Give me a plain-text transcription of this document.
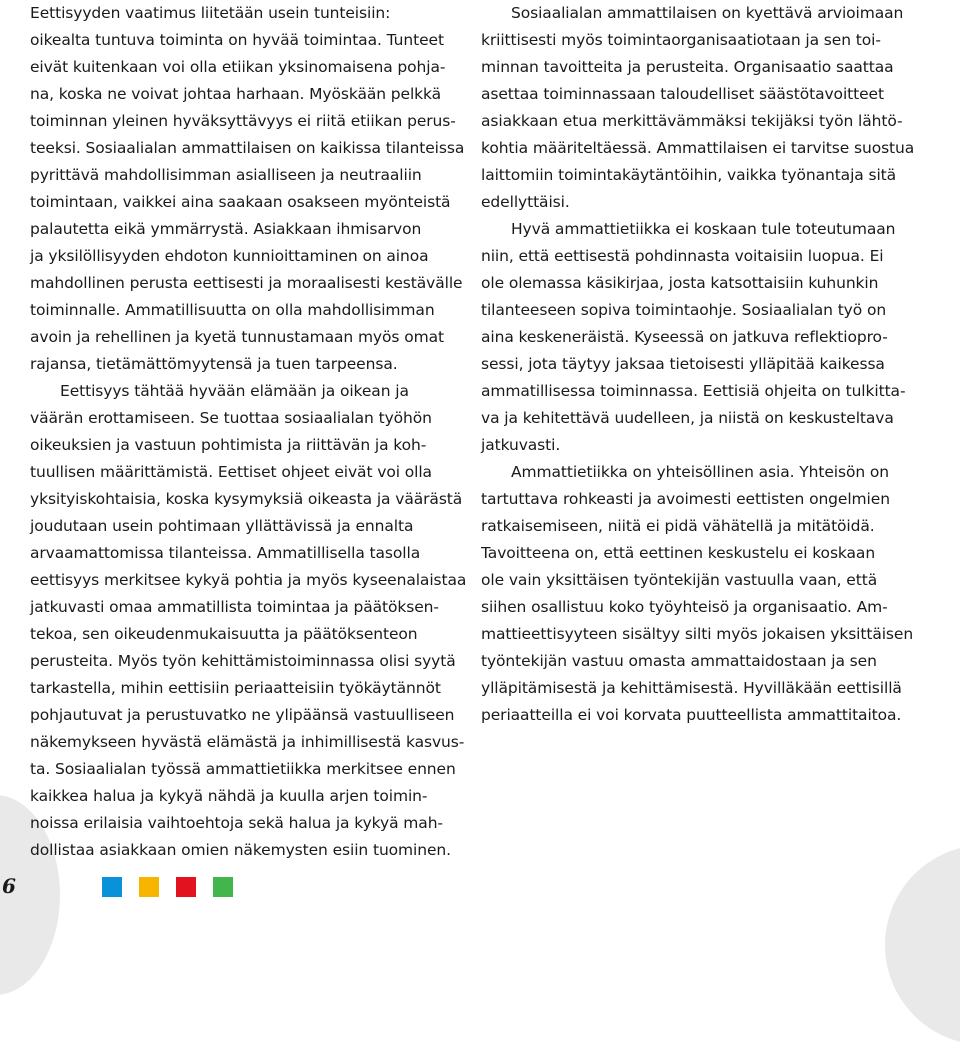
Eettisyyden vaatimus liitetään usein tunteisiin:
oikealta tuntuva toiminta on hyvää toimintaa. Tunteet
eivät kuitenkaan voi olla etiikan yksinomaisena pohja-
na, koska ne voivat johtaa harhaan. Myöskään pelkkä
toiminnan yleinen hyväksyttävyys ei riitä etiikan perus-
teeksi. Sosiaalialan ammattilaisen on kaikissa tilanteissa
pyrittävä mahdollisimman asialliseen ja neutraaliin
toimintaan, vaikkei aina saakaan osakseen myönteistä
palautetta eikä ymmärrystä. Asiakkaan ihmisarvon
ja yksilöllisyyden ehdoton kunnioittaminen on ainoa
mahdollinen perusta eettisesti ja moraalisesti kestävälle
toiminnalle. Ammatillisuutta on olla mahdollisimman
avoin ja rehellinen ja kyetä tunnustamaan myös omat
rajansa, tietämättömyytensä ja tuen tarpeensa.
Eettisyys tähtää hyvään elämään ja oikean ja
väärän erottamiseen. Se tuottaa sosiaalialan työhön
oikeuksien ja vastuun pohtimista ja riittävän ja koh-
tuullisen määrittämistä. Eettiset ohjeet eivät voi olla
yksityiskohtaisia, koska kysymyksiä oikeasta ja väärästä
joudutaan usein pohtimaan yllättävissä ja ennalta
arvaamattomissa tilanteissa. Ammatillisella tasolla
eettisyys merkitsee kykyä pohtia ja myös kyseenalaistaa
jatkuvasti omaa ammatillista toimintaa ja päätöksen-
tekoa, sen oikeudenmukaisuutta ja päätöksenteon
perusteita. Myös työn kehittämistoiminnassa olisi syytä
tarkastella, mihin eettisiin periaatteisiin työkäytännöt
pohjautuvat ja perustuvatko ne ylipäänsä vastuulliseen
näkemykseen hyvästä elämästä ja inhimillisestä kasvus-
ta. Sosiaalialan työssä ammattietiikka merkitsee ennen
kaikkea halua ja kykyä nähdä ja kuulla arjen toimin-
noissa erilaisia vaihtoehtoja sekä halua ja kykyä mah-
dollistaa asiakkaan omien näkemysten esiin tuominen.
Sosiaalialan ammattilaisen on kyettävä arvioimaan
kriittisesti myös toimintaorganisaatiotaan ja sen toi-
minnan tavoitteita ja perusteita. Organisaatio saattaa
asettaa toiminnassaan taloudelliset säästötavoitteet
asiakkaan etua merkittävämmäksi tekijäksi työn lähtö-
kohtia määriteltäessä. Ammattilaisen ei tarvitse suostua
laittomiin toimintakäytäntöihin, vaikka työnantaja sitä
edellyttäisi.
Hyvä ammattietiikka ei koskaan tule toteutumaan
niin, että eettisestä pohdinnasta voitaisiin luopua. Ei
ole olemassa käsikirjaa, josta katsottaisiin kuhunkin
tilanteeseen sopiva toimintaohje. Sosiaalialan työ on
aina keskeneräistä. Kyseessä on jatkuva reflektiopro-
sessi, jota täytyy jaksaa tietoisesti ylläpitää kaikessa
ammatillisessa toiminnassa. Eettisiä ohjeita on tulkitta-
va ja kehitettävä uudelleen, ja niistä on keskusteltava
jatkuvasti.
Ammattietiikka on yhteisöllinen asia. Yhteisön on
tartuttava rohkeasti ja avoimesti eettisten ongelmien
ratkaisemiseen, niitä ei pidä vähätellä ja mitätöidä.
Tavoitteena on, että eettinen keskustelu ei koskaan
ole vain yksittäisen työntekijän vastuulla vaan, että
siihen osallistuu koko työyhteisö ja organisaatio. Am-
mattieettisyyteen sisältyy silti myös jokaisen yksittäisen
työntekijän vastuu omasta ammattaidostaan ja sen
ylläpitämisestä ja kehittämisestä. Hyvilläkään eettisillä
periaatteilla ei voi korvata puutteellista ammattitaitoa.
6
